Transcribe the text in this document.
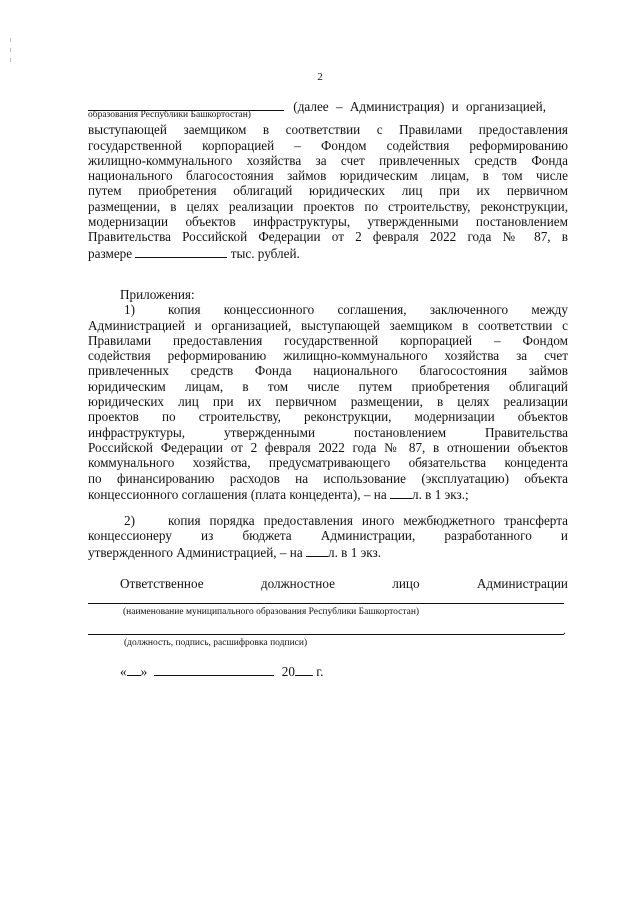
2
(далее – Администрация) и организацией,
образования Республики Башкортостан)
выступающей заемщиком в соответствии с Правилами предоставления
государственной корпорацией – Фондом содействия реформированию
жилищно-коммунального хозяйства за счет привлеченных средств Фонда
национального благосостояния займов юридическим лицам, в том числе
путем приобретения облигаций юридических лиц при их первичном
размещении, в целях реализации проектов по строительству, реконструкции,
модернизации объектов инфраструктуры, утвержденными постановлением
Правительства Российской Федерации от 2 февраля 2022 года № 87, в
размере	тыс. рублей.
Приложения:
1)	копия концессионного соглашения, заключенного между
Администрацией и организацией, выступающей заемщиком в соответствии с
Правилами предоставления государственной корпорацией – Фондом
содействия реформированию жилищно-коммунального хозяйства за счет
привлеченных средств Фонда национального благосостояния займов
юридическим лицам, в том числе путем приобретения облигаций
юридических лиц при их первичном размещении, в целях реализации
проектов по строительству, реконструкции, модернизации объектов
инфраструктуры, утвержденными постановлением Правительства
Российской Федерации от 2 февраля 2022 года № 87, в отношении объектов
коммунального хозяйства, предусматривающего обязательства концедента
по финансированию расходов на использование (эксплуатацию) объекта
концессионного соглашения (плата концедента), – на л. в 1 экз.;
2)	копия порядка предоставления иного межбюджетного трансферта
концессионеру из бюджета Администрации, разработанного и
утвержденного Администрацией, – на л. в 1 экз.
Ответственное	должностное	лицо	Администрации
(наименование муниципального образования Республики Башкортостан)
.
(должность, подпись, расшифровка подписи)
« »	20 г.
